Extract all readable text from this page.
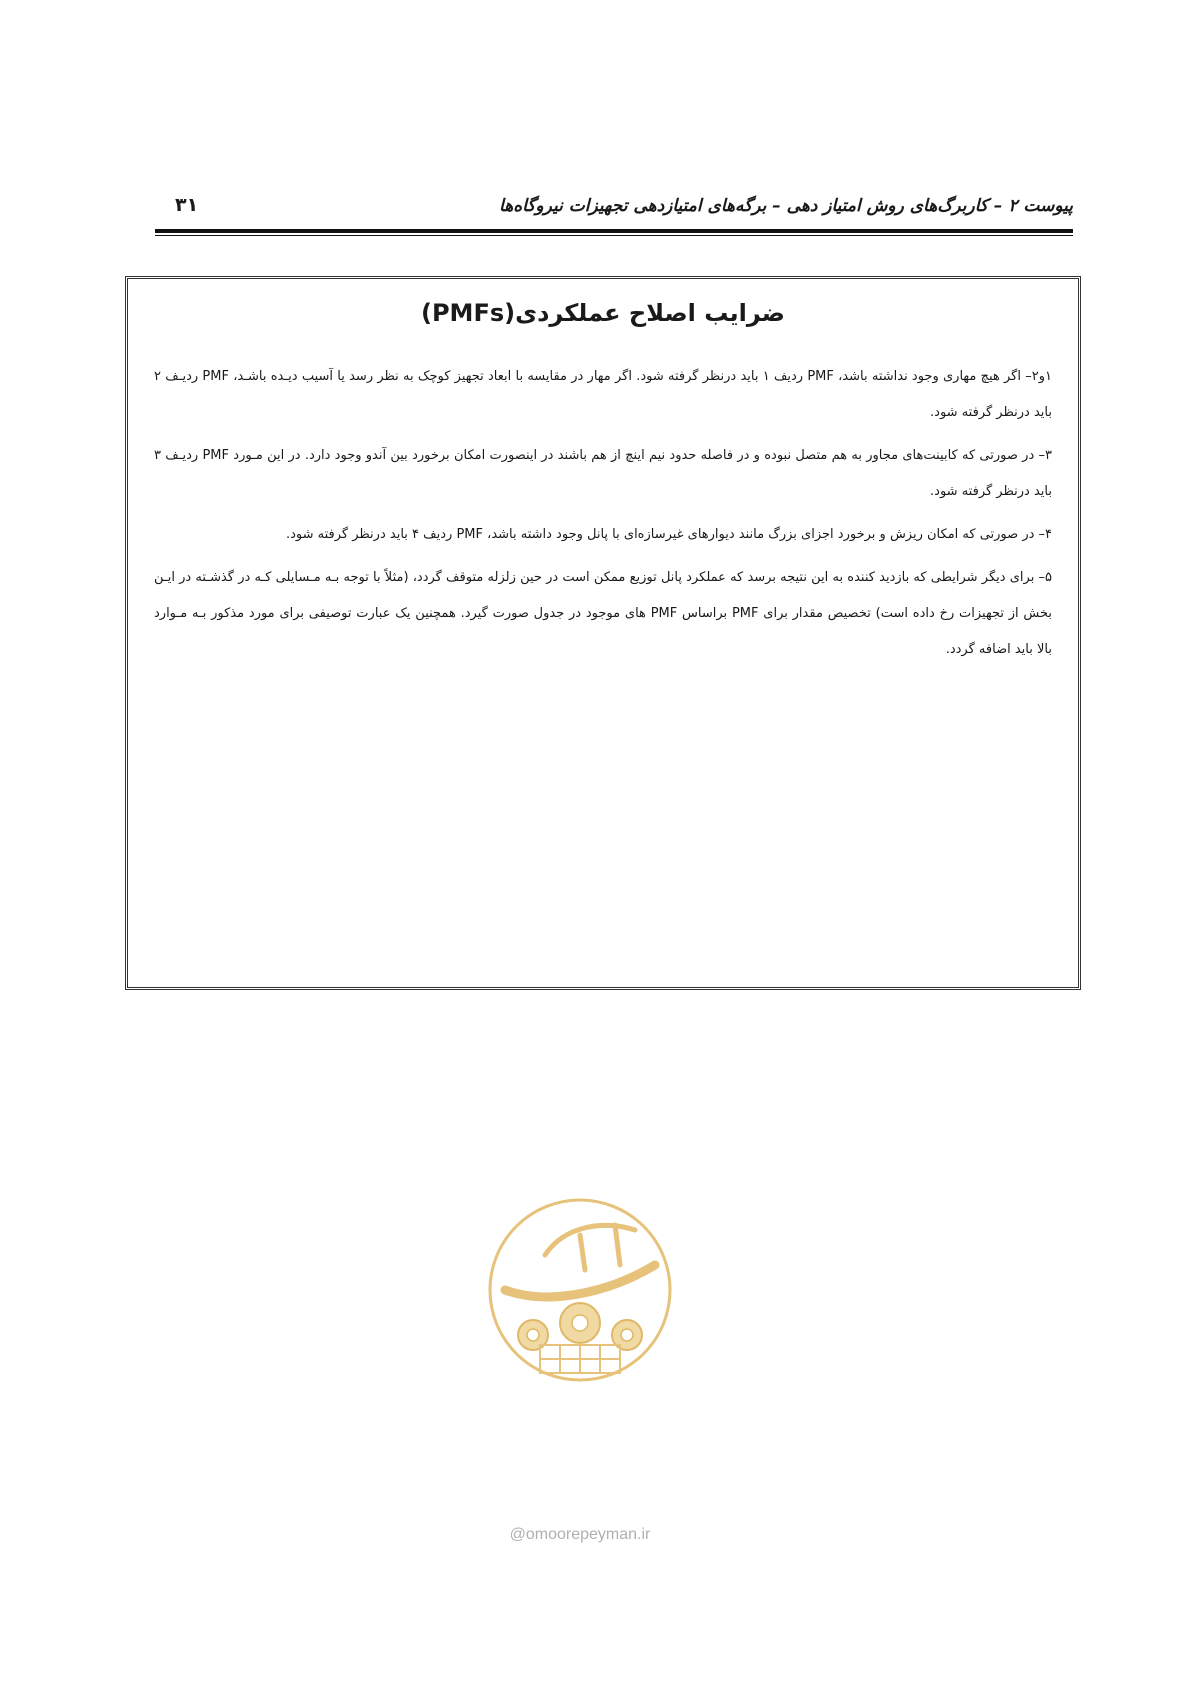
پیوست ۲ – کاربرگ‌های روش امتیاز دهی – برگه‌های امتیازدهی تجهیزات نیروگاه‌ها
۳۱
ضرایب اصلاح عملکردی(PMFs)

۱و۲– اگر هیچ مهاری وجود نداشته باشد، PMF ردیف ۱ باید درنظر گرفته شود. اگر مهار در مقایسه با ابعاد تجهیز کوچک به نظر رسد یا آسیب دیـده باشـد، PMF ردیـف ۲ باید درنظر گرفته شود.

۳– در صورتی که کابینت‌های مجاور به هم متصل نبوده و در فاصله حدود نیم اینچ از هم باشند در اینصورت امکان برخورد بین آندو وجود دارد. در این مـورد PMF ردیـف ۳ باید درنظر گرفته شود.

۴– در صورتی که امکان ریزش و برخورد اجزای بزرگ مانند دیوارهای غیرسازه‌ای با پانل وجود داشته باشد، PMF ردیف ۴ باید درنظر گرفته شود.

۵– برای دیگر شرایطی که بازدید کننده به این نتیجه برسد که عملکرد پانل توزیع ممکن است در حین زلزله متوقف گردد، (مثلاً با توجه بـه مـسایلی کـه در گذشـته در ایـن بخش از تجهیزات رخ داده است) تخصیص مقدار برای PMF براساس PMF های موجود در جدول صورت گیرد. همچنین یک عبارت توصیفی برای مورد مذکور بـه مـوارد بالا باید اضافه گردد.

@omoorepeyman.ir
